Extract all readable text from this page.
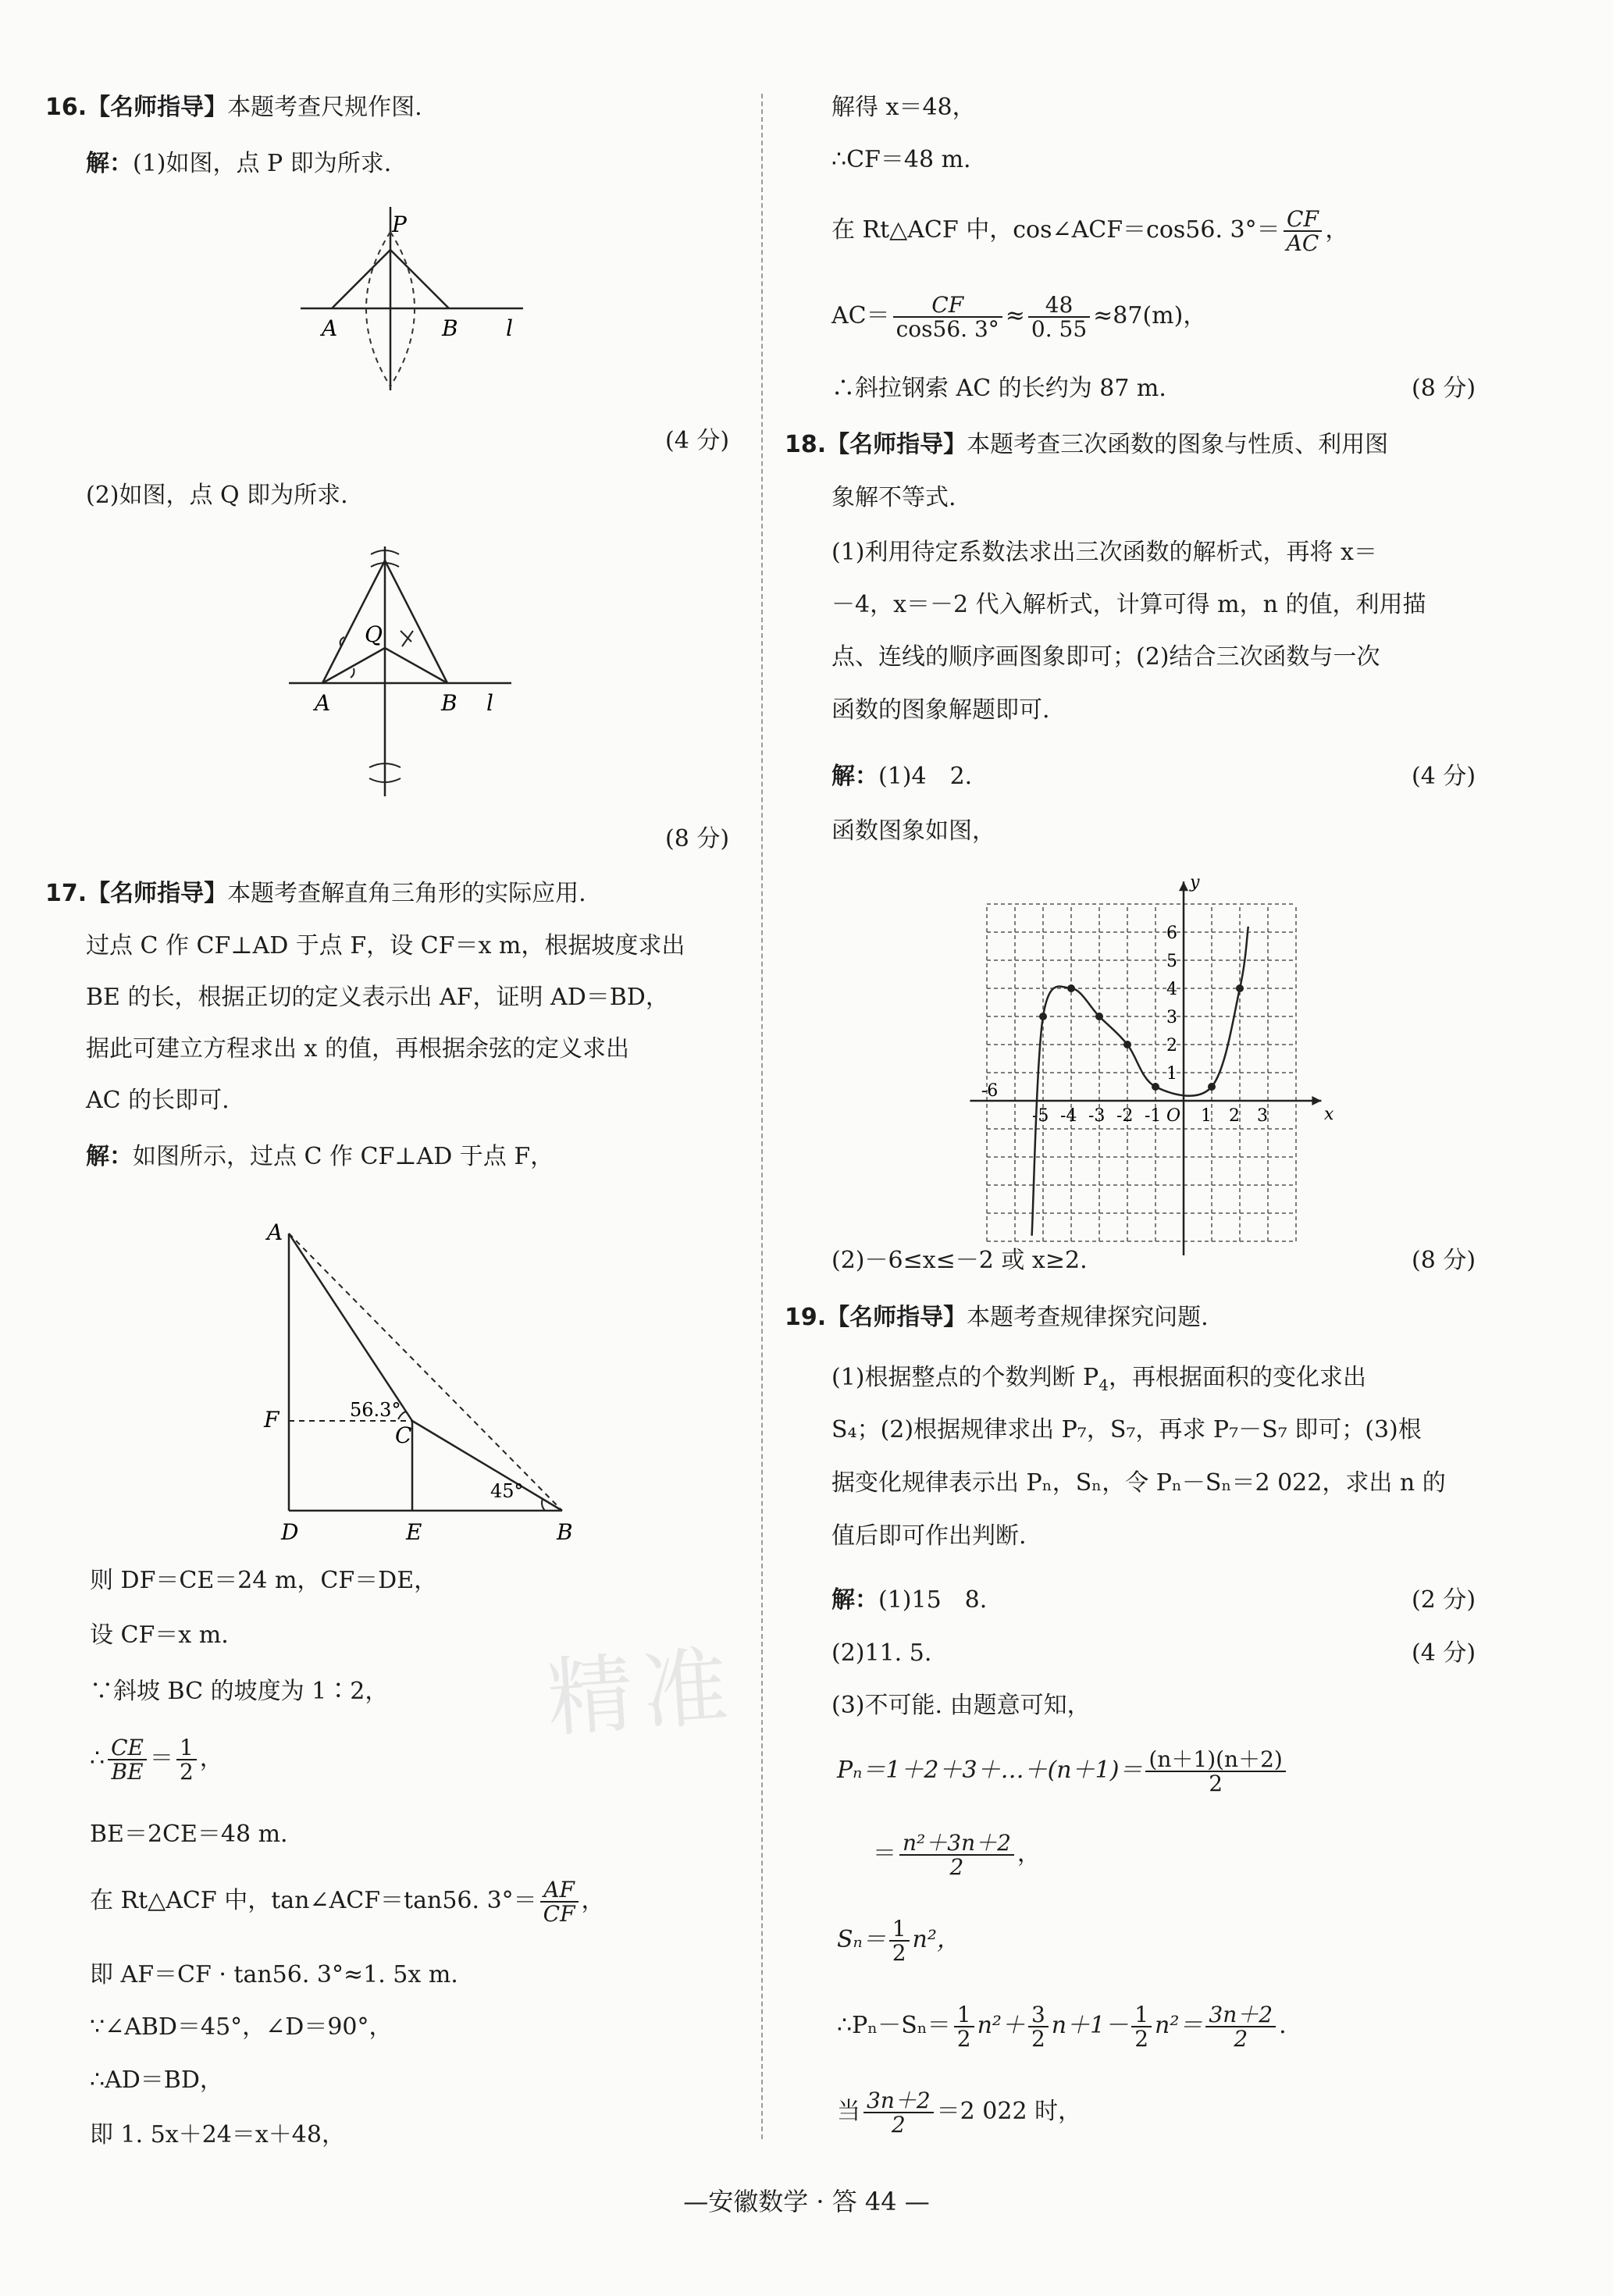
16.【名师指导】本题考查尺规作图.
解：(1)如图，点 P 即为所求.
P
A	B l
(4 分)
(2)如图，点 Q 即为所求.
Q
A	B l
(8 分)
17.【名师指导】本题考查解直角三角形的实际应用.
过点 C 作 CF⊥AD 于点 F，设 CF＝x m，根据坡度求出
BE 的长，根据正切的定义表示出 AF，证明 AD＝BD，
据此可建立方程求出 x 的值，再根据余弦的定义求出
AC 的长即可.
解：如图所示，过点 C 作 CF⊥AD 于点 F，
A
F
C
D	E	B
56.3°
45°
则 DF＝CE＝24 m，CF＝DE，
设 CF＝x m.
∵斜坡 BC 的坡度为 1∶2，
∴ $\frac{CE}{BE} = \frac{1}{2}$ ，
BE＝2CE＝48 m.
在 Rt△ACF 中，tan∠ACF＝tan56. $3^\circ= \frac{AF}{CF}$ ，
即 AF＝CF · tan56. 3°≈1. 5x m.
∵∠ABD＝45°，∠D＝90°，
∴AD＝BD，
即 1. 5x＋24＝x＋48，
解得 x＝48，
∴CF＝48 m.
在 Rt△ACF 中，cos∠ACF＝cos56. $3^\circ= \frac{CF}{AC}$ ，
$AC= \frac{CF}{\cos 56. 3^\circ} \approx \frac{48}{0. 55} \approx 87(m)$，
∴斜拉钢索 AC 的长约为 87 m.	(8 分)
18.【名师指导】本题考查三次函数的图象与性质、利用图
象解不等式.
(1)利用待定系数法求出三次函数的解析式，再将 x＝
－4，x＝－2 代入解析式，计算可得 m，n 的值，利用描
点、连线的顺序画图象即可；(2)结合三次函数与一次
函数的图象解题即可.
解：(1)4　2.	(4 分)
函数图象如图，
x
y
-5 -4 -3 -2 -1 O 1 2 3
1
2
3
4
5
6
-6
(2)－6≤x≤－2 或 x≥2.	(8 分)
19.【名师指导】本题考查规律探究问题.
(1)根据整点的个数判断 $P_4$，再根据面积的变化求出
S₄；(2)根据规律求出 P₇，S₇，再求 P₇－S₇ 即可；(3)根
据变化规律表示出 Pₙ，Sₙ，令 Pₙ－Sₙ＝2 022，求出 n 的
值后即可作出判断.
解：(1)15　8.	(2 分)
(2)11. 5.	(4 分)
(3)不可能. 由题意可知，
Pₙ＝1＋2＋3＋…＋(n＋1)＝ $\frac{(n+1)(n+2)}{2}$
＝ $\frac{\text{n²＋3n＋2}}{2}$ ，
$S_n= \frac{1}{2} n^2$，
∴Pₙ－Sₙ＝ $\frac{1}{2} n^2+ \frac{3}{2} n+1- \frac{1}{2} n^2= \frac{3n+2}{2}$ .
当 $\frac{3n+2}{2} =2$ 022 时，
精准
—安徽数学 · 答 44 —
